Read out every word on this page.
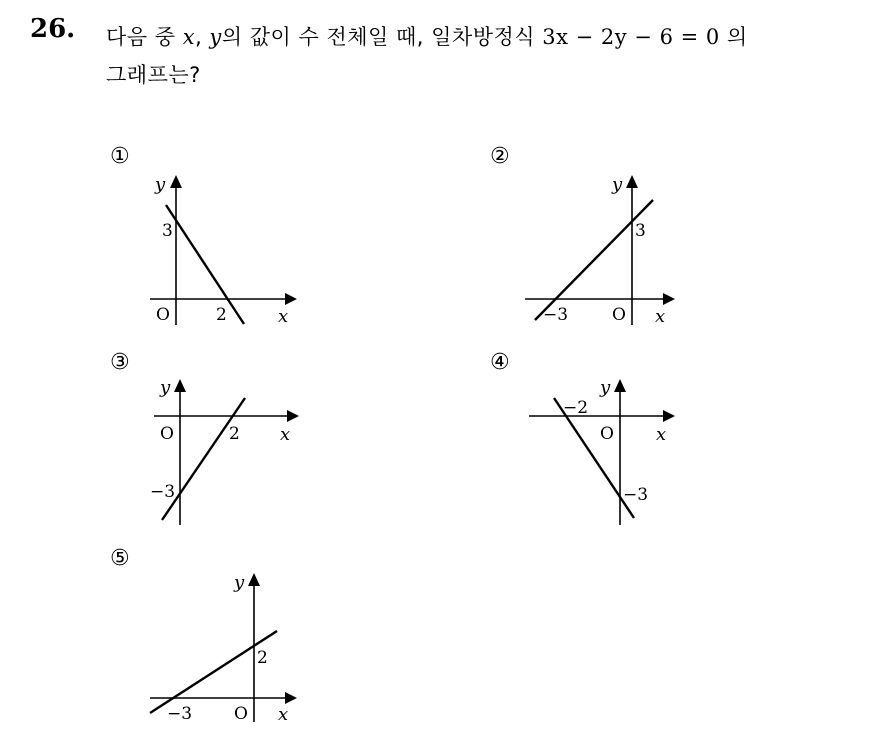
26. 다음 중 x, y의 값이 수 전체일 때, 일차방정식 3x − 2y − 6 = 0 의
그래프는?
①
y
x
O	2
3
②
y
x
O
−3
3
③
y
x
O	2
−3
④
y
x
O
−2
−3
⑤
y
x
O
−3
2
